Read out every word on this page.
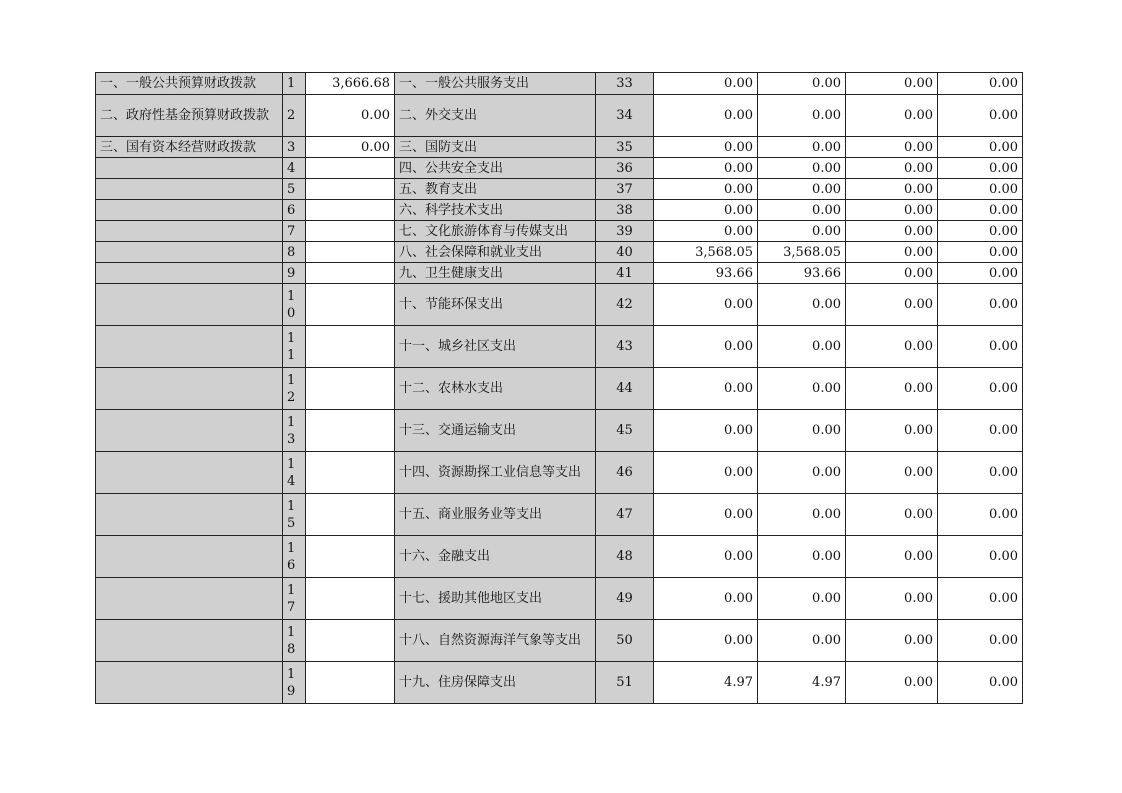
一、一般公共预算财政拨款	1	3,666.68	一、一般公共服务支出	33	0.00	0.00	0.00	0.00
二、政府性基金预算财政拨款	2	0.00	二、外交支出	34	0.00	0.00	0.00	0.00
三、国有资本经营财政拨款	3	0.00	三、国防支出	35	0.00	0.00	0.00	0.00
	4		四、公共安全支出	36	0.00	0.00	0.00	0.00
	5		五、教育支出	37	0.00	0.00	0.00	0.00
	6		六、科学技术支出	38	0.00	0.00	0.00	0.00
	7		七、文化旅游体育与传媒支出	39	0.00	0.00	0.00	0.00
	8		八、社会保障和就业支出	40	3,568.05	3,568.05	0.00	0.00
	9		九、卫生健康支出	41	93.66	93.66	0.00	0.00
	10		十、节能环保支出	42	0.00	0.00	0.00	0.00
	11		十一、城乡社区支出	43	0.00	0.00	0.00	0.00
	12		十二、农林水支出	44	0.00	0.00	0.00	0.00
	13		十三、交通运输支出	45	0.00	0.00	0.00	0.00
	14		十四、资源勘探工业信息等支出	46	0.00	0.00	0.00	0.00
	15		十五、商业服务业等支出	47	0.00	0.00	0.00	0.00
	16		十六、金融支出	48	0.00	0.00	0.00	0.00
	17		十七、援助其他地区支出	49	0.00	0.00	0.00	0.00
	18		十八、自然资源海洋气象等支出	50	0.00	0.00	0.00	0.00
	19		十九、住房保障支出	51	4.97	4.97	0.00	0.00
